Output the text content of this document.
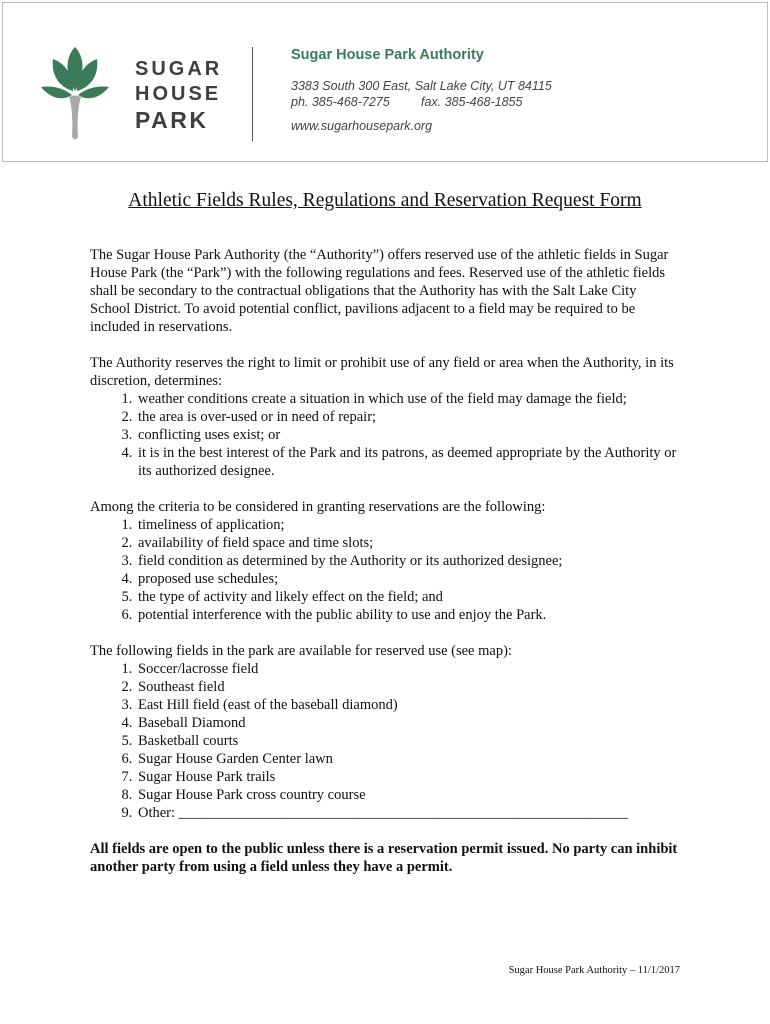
SUGAR
HOUSE
PARK
Sugar House Park Authority
3383 South 300 East, Salt Lake City, UT 84115
ph. 385-468-7275	fax. 385-468-1855
www.sugarhousepark.org
Athletic Fields Rules, Regulations and Reservation Request Form

The Sugar House Park Authority (the “Authority”) offers reserved use of the athletic fields in Sugar House Park (the “Park”) with the following regulations and fees. Reserved use of the athletic fields shall be secondary to the contractual obligations that the Authority has with the Salt Lake City School District. To avoid potential conflict, pavilions adjacent to a field may be required to be included in reservations.

The Authority reserves the right to limit or prohibit use of any field or area when the Authority, in its discretion, determines:

1. weather conditions create a situation in which use of the field may damage the field;
2. the area is over-used or in need of repair;
3. conflicting uses exist; or
4. it is in the best interest of the Park and its patrons, as deemed appropriate by the Authority or its authorized designee.

Among the criteria to be considered in granting reservations are the following:

1. timeliness of application;
2. availability of field space and time slots;
3. field condition as determined by the Authority or its authorized designee;
4. proposed use schedules;
5. the type of activity and likely effect on the field; and
6. potential interference with the public ability to use and enjoy the Park.

The following fields in the park are available for reserved use (see map):

1. Soccer/lacrosse field
2. Southeast field
3. East Hill field (east of the baseball diamond)
4. Baseball Diamond
5. Basketball courts
6. Sugar House Garden Center lawn
7. Sugar House Park trails
8. Sugar House Park cross country course
9. Other: ______________________________________________________________

All fields are open to the public unless there is a reservation permit issued. No party can inhibit another party from using a field unless they have a permit.

Sugar House Park Authority – 11/1/2017
